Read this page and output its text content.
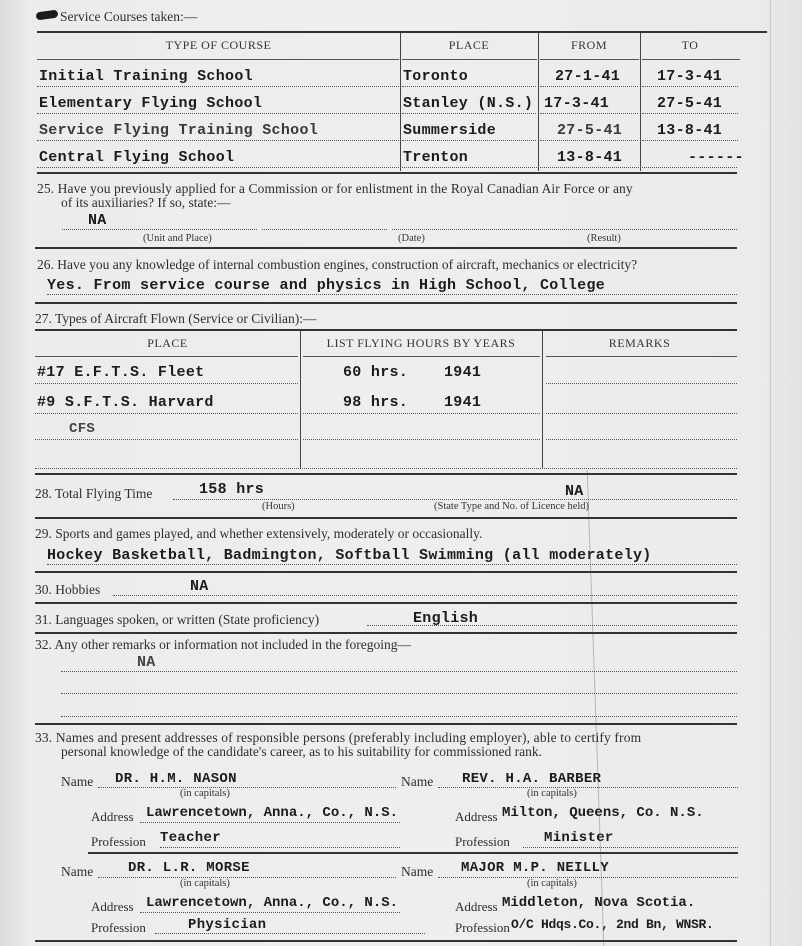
Service Courses taken:—
TYPE OF COURSE	PLACE	FROM	TO
Initial Training School	Toronto	27-1-41 17-3-41
Elementary Flying School	Stanley (N.S.) 17-3-41	27-5-41
Service Flying Training School	Summerside	27-5-41 13-8-41
Central Flying School	Trenton	13-8-41	------
25. Have you previously applied for a Commission or for enlistment in the Royal Canadian Air Force or any
of its auxiliaries? If so, state:—
NA
(Unit and Place)	(Date)	(Result)
26. Have you any knowledge of internal combustion engines, construction of aircraft, mechanics or electricity?
Yes. From service course and physics in High School, College
27. Types of Aircraft Flown (Service or Civilian):—
PLACE	LIST FLYING HOURS BY YEARS	REMARKS
#17 E.F.T.S. Fleet	60 hrs. 1941
#9 S.F.T.S. Harvard	98 hrs. 1941
CFS
28. Total Flying Time	158 hrs	NA
(Hours)	(State Type and No. of Licence held)
29. Sports and games played, and whether extensively, moderately or occasionally.
Hockey Basketball, Badmington, Softball Swimming (all moderately)
30. Hobbies	NA
31. Languages spoken, or written (State proficiency)	English
32. Any other remarks or information not included in the foregoing—
NA
33. Names and present addresses of responsible persons (preferably including employer), able to certify from
personal knowledge of the candidate's career, as to his suitability for commissioned rank.
Name DR. H.M. NASON
(in capitals)
Address Lawrencetown, Anna., Co., N.S.
Profession Teacher
Name REV. H.A. BARBER
(in capitals)
Address Milton, Queens, Co. N.S.
Profession Minister
Name DR. L.R. MORSE
(in capitals)
Address Lawrencetown, Anna., Co., N.S.
Profession	Physician
Name MAJOR M.P. NEILLY
(in capitals)
Address Middleton, Nova Scotia.
Profession O/C Hdqs.Co., 2nd Bn, WNSR.
